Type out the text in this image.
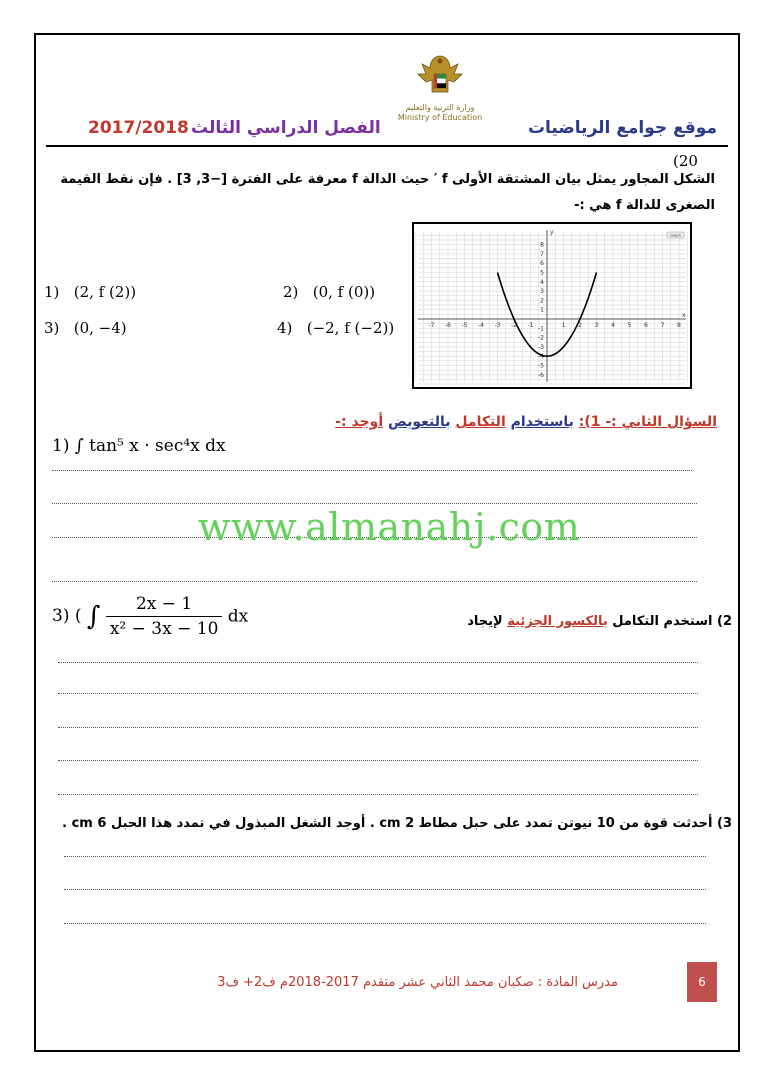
وزارة التربية والتعليم
Ministry of Education
موقع جوامع الرياضيات
الفصل الدراسي الثالث
2017/2018
(20
الشكل المجاور يمثل بيان المشتقة الأولى f ′ حيث الدالة f معرفة على الفترة [−3, 3] . فإن نقط القيمة
الصغرى للدالة f هي :-
1) (2, f (2))	2) (0, f (0))
3) (0, −4)	4) (−2, f (−2))	-7 -6 -5 -4 -3 -2 -1	1 2 3 4 5 6 7 8
8
7
6
5
4
3
2
1
-1
-2
-3
-4
-5
-6
x
y	Graph
السؤال الثاني :- 1): باستخدام التكامل بالتعويض أوجد :-
1) ∫ tan⁵ x · sec⁴x dx
www.almanahj.com
2) استخدم التكامل بالكسور الجزئية لإيجاد
3) ( ∫ $\frac{2x - 1}{\text{x² − 3x − 10}}$ dx
3) أحدثت قوة من 10 نيوتن تمدد على حبل مطاط 2 cm . أوجد الشغل المبذول في تمدد هذا الحبل 6 cm .
مدرس المادة : صكبان محمد الثاني عشر متقدم 2017-2018م ف2+ ف3	6
